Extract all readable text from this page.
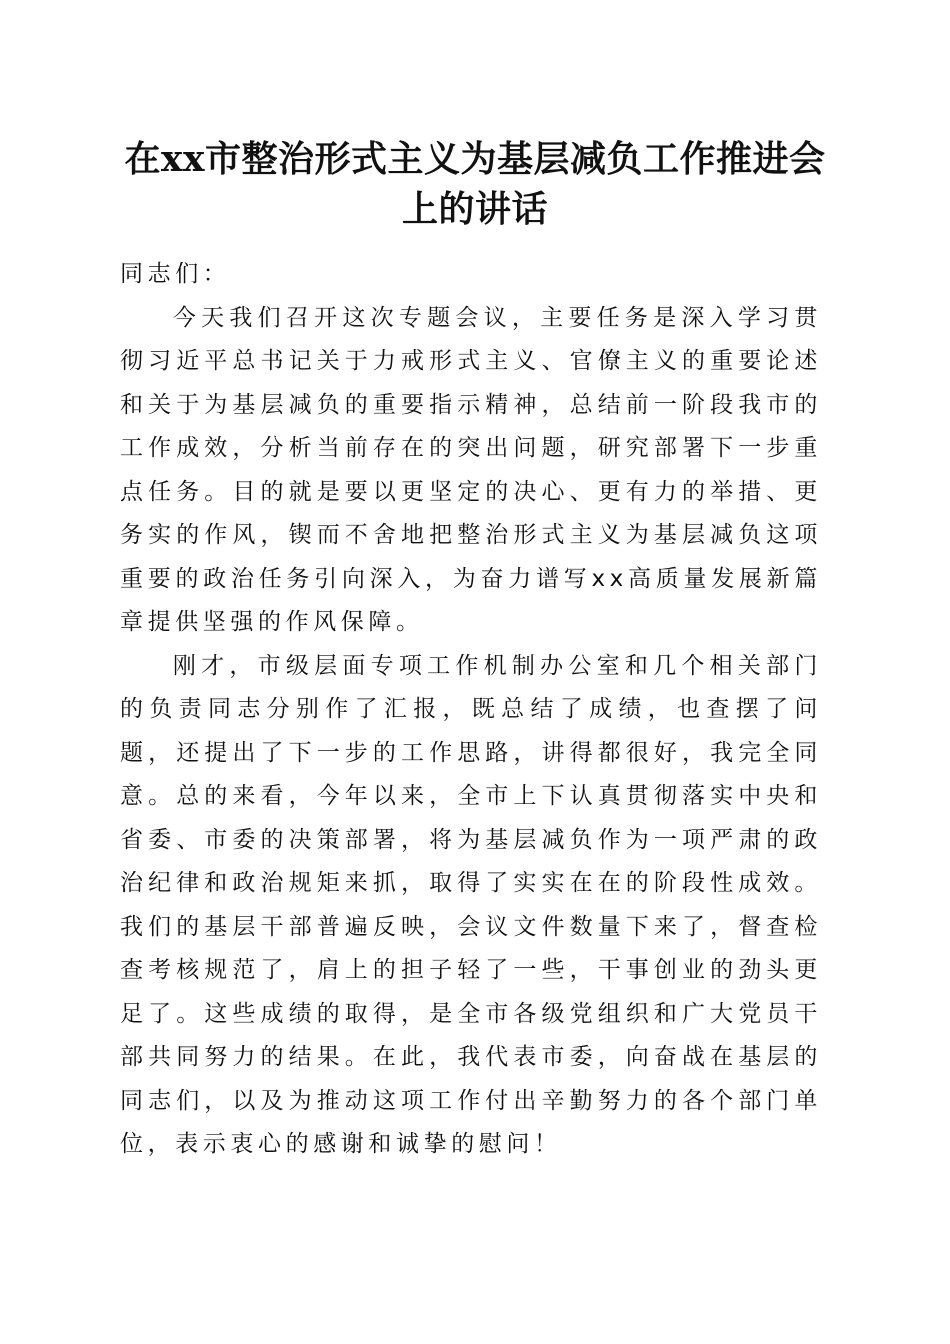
在xx市整治形式主义为基层减负工作推进会
上的讲话

同志们：

今天我们召开这次专题会议，主要任务是深入学习贯彻习近平总书记关于力戒形式主义、官僚主义的重要论述和关于为基层减负的重要指示精神，总结前一阶段我市的工作成效，分析当前存在的突出问题，研究部署下一步重点任务。目的就是要以更坚定的决心、更有力的举措、更务实的作风，锲而不舍地把整治形式主义为基层减负这项重要的政治任务引向深入，为奋力谱写xx高质量发展新篇章提供坚强的作风保障。

刚才，市级层面专项工作机制办公室和几个相关部门的负责同志分别作了汇报，既总结了成绩，也查摆了问题，还提出了下一步的工作思路，讲得都很好，我完全同意。总的来看，今年以来，全市上下认真贯彻落实中央和省委、市委的决策部署，将为基层减负作为一项严肃的政治纪律和政治规矩来抓，取得了实实在在的阶段性成效。我们的基层干部普遍反映，会议文件数量下来了，督查检查考核规范了，肩上的担子轻了一些，干事创业的劲头更足了。这些成绩的取得，是全市各级党组织和广大党员干部共同努力的结果。在此，我代表市委，向奋战在基层的同志们，以及为推动这项工作付出辛勤努力的各个部门单位，表示衷心的感谢和诚挚的慰问！
